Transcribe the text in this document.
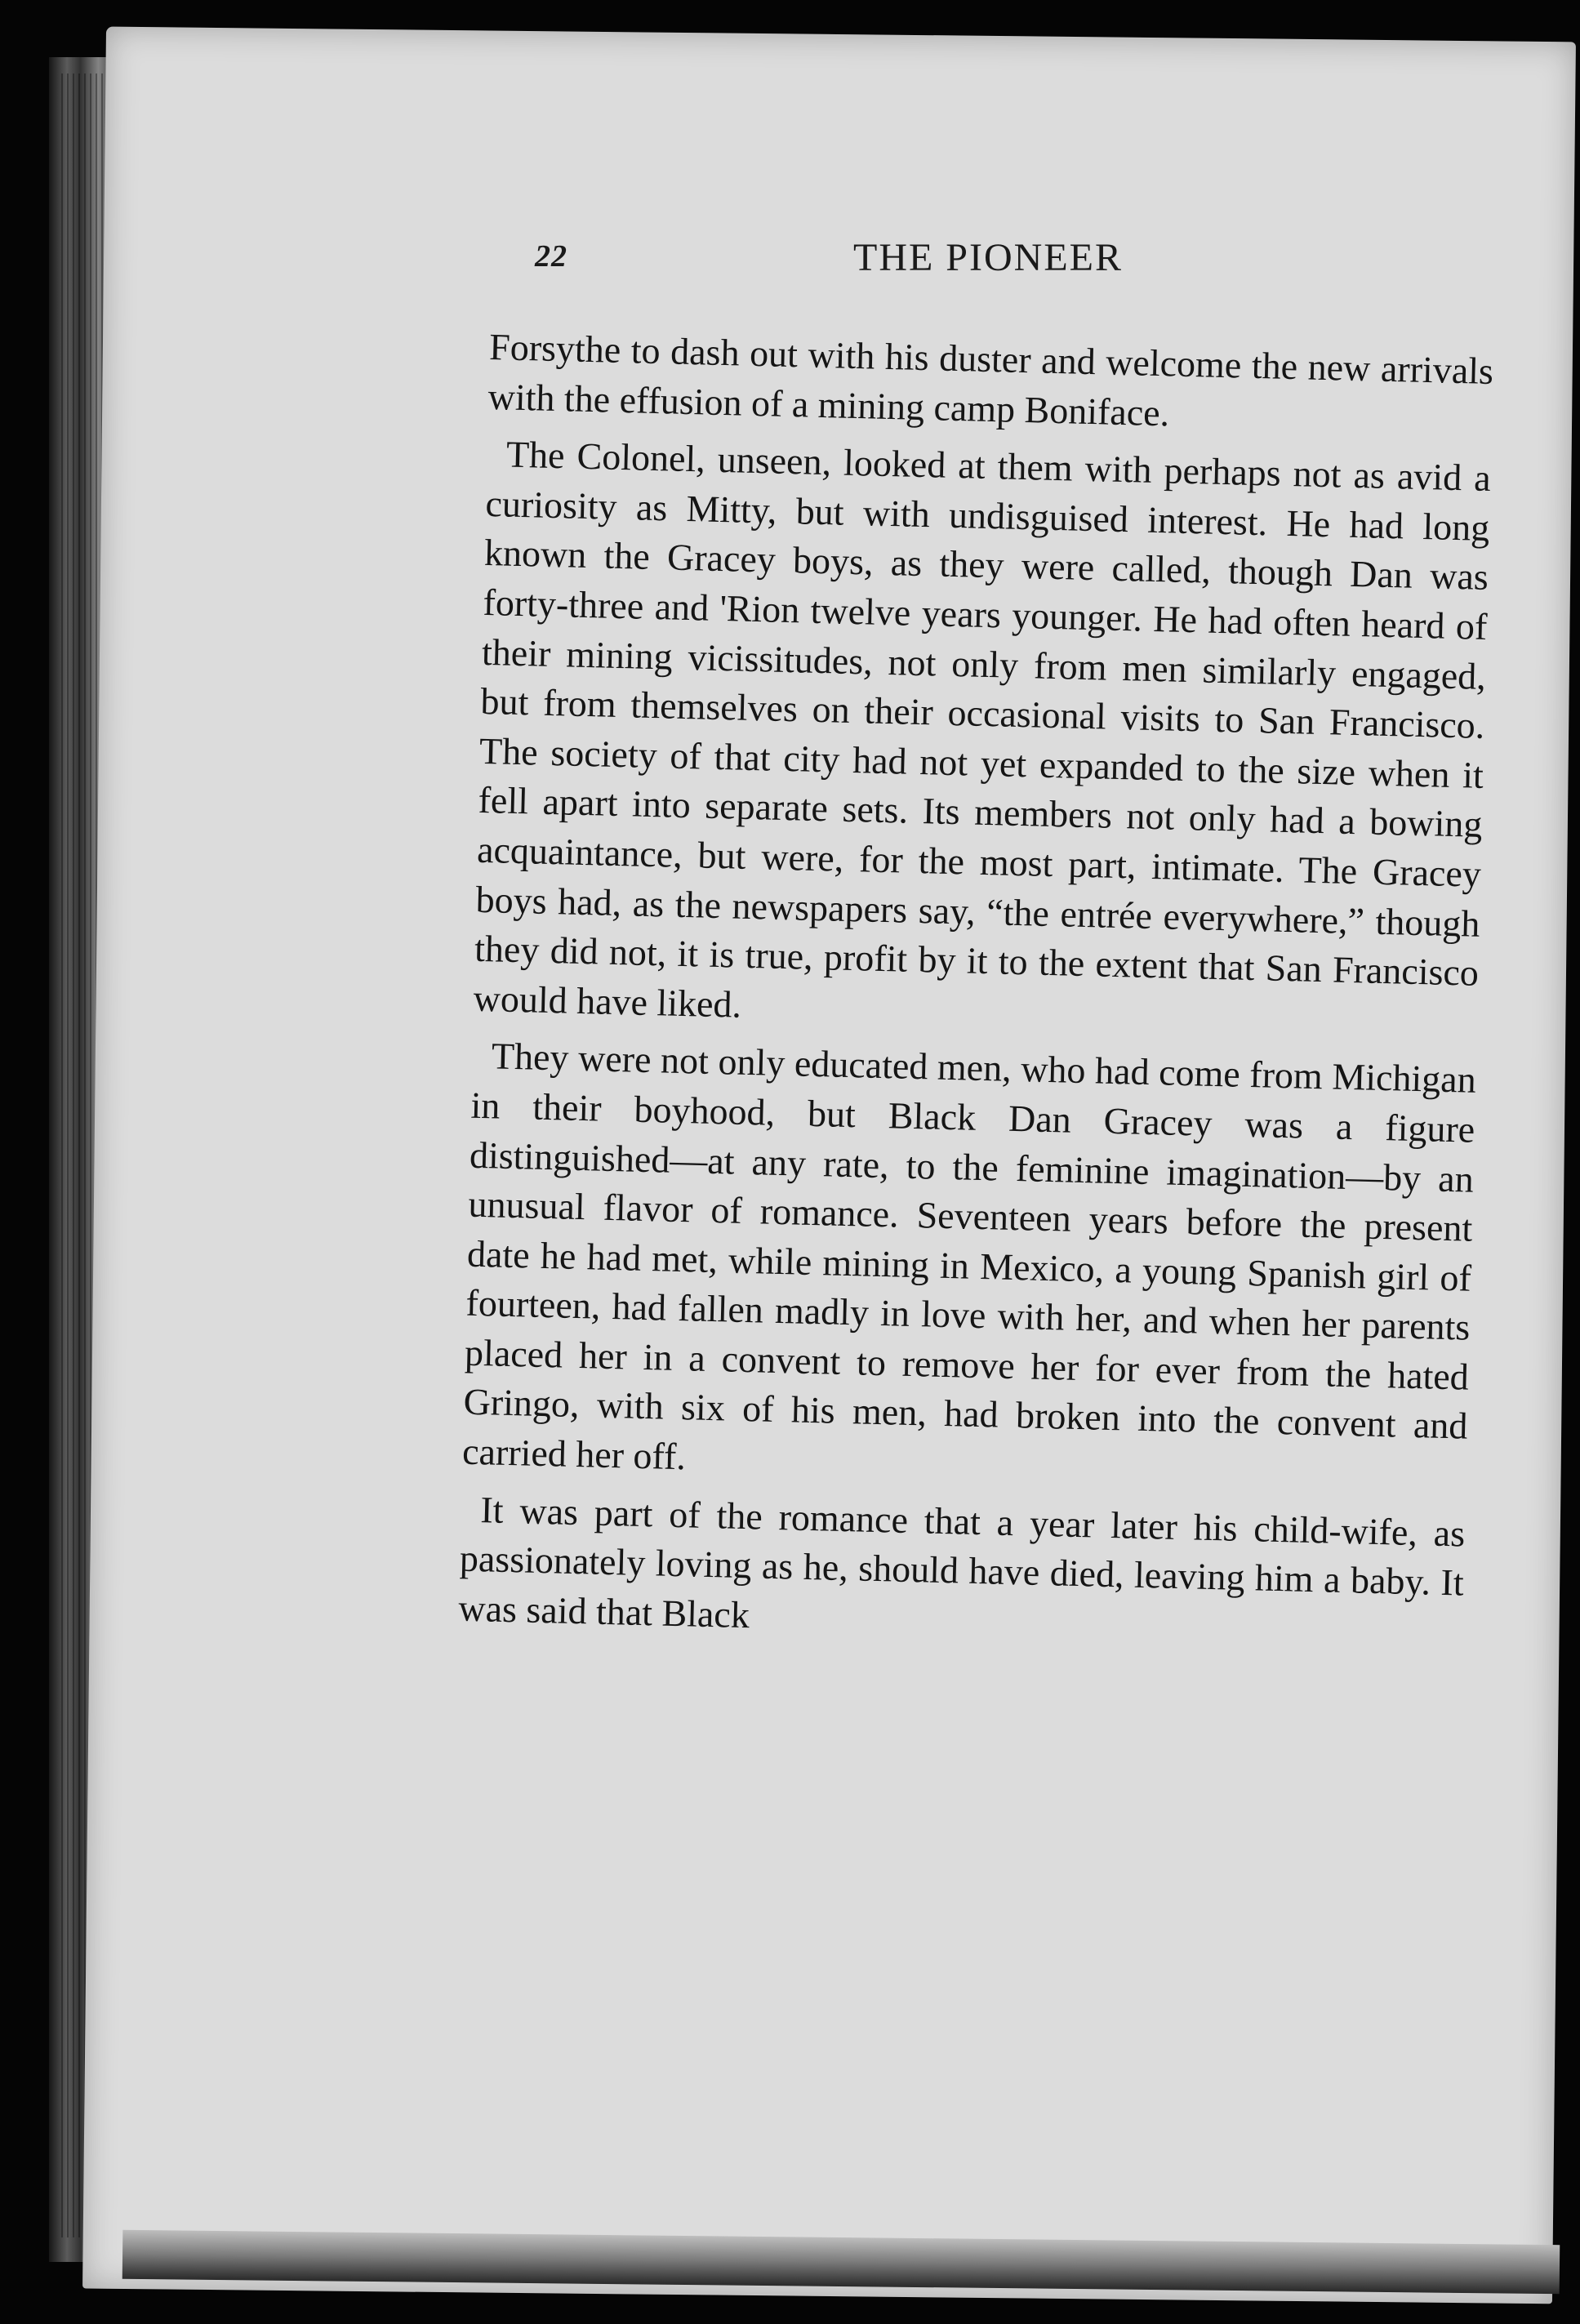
22	THE PIONEER

Forsythe to dash out with his duster and welcome the new arrivals with the effusion of a mining camp Boniface.

The Colonel, unseen, looked at them with perhaps not as avid a curiosity as Mitty, but with undisguised interest. He had long known the Gracey boys, as they were called, though Dan was forty-three and 'Rion twelve years younger. He had often heard of their mining vicissitudes, not only from men similarly engaged, but from themselves on their occasional visits to San Francisco. The society of that city had not yet expanded to the size when it fell apart into separate sets. Its members not only had a bowing acquaintance, but were, for the most part, intimate. The Gracey boys had, as the newspapers say, “the entrée everywhere,” though they did not, it is true, profit by it to the extent that San Francisco would have liked.

They were not only educated men, who had come from Michigan in their boyhood, but Black Dan Gracey was a figure distinguished—at any rate, to the feminine imagination—by an unusual flavor of romance. Seventeen years before the present date he had met, while mining in Mexico, a young Spanish girl of fourteen, had fallen madly in love with her, and when her parents placed her in a convent to remove her for ever from the hated Gringo, with six of his men, had broken into the convent and carried her off.

It was part of the romance that a year later his child-wife, as passionately loving as he, should have died, leaving him a baby. It was said that Black
